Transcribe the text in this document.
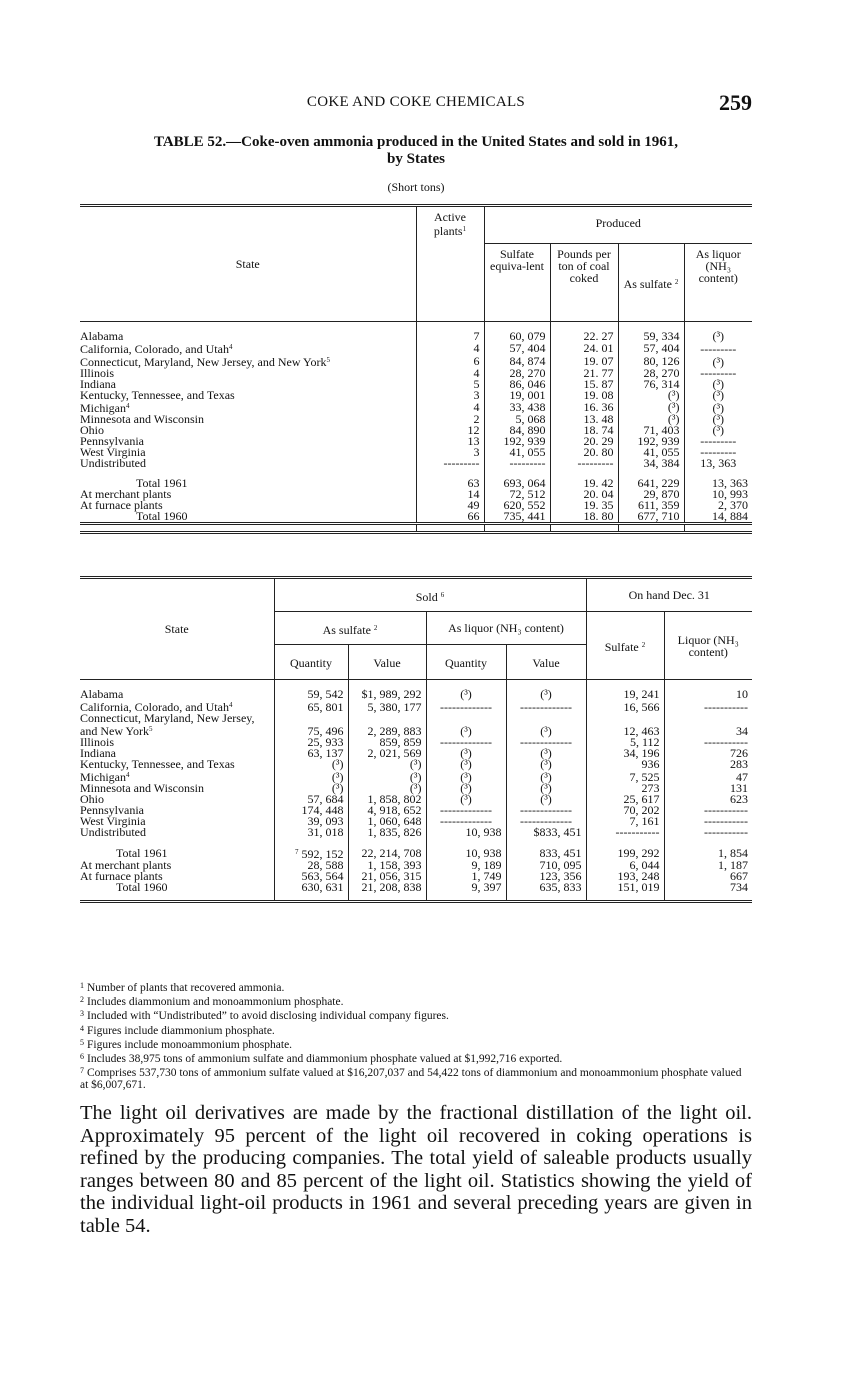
COKE AND COKE CHEMICALS	259
TABLE 52.—Coke-oven ammonia produced in the United States and sold in 1961,
by States
(Short tons)
State	Active plants$^1$	Produced			
		Sulfate equiva-lent	Pounds per ton of coal coked	As sulfate $^2$	As liquor (NH₃ content)

Alabama	7	60, 079	22. 27	59, 334	(³)
California, Colorado, and Utah$^4$	4	57, 404	24. 01	57, 404	---------
Connecticut, Maryland, New Jersey, and New York$^5$	6	84, 874	19. 07	80, 126	(³)
Illinois	4	28, 270	21. 77	28, 270	---------
Indiana	5	86, 046	15. 87	76, 314	(³)
Kentucky, Tennessee, and Texas	3	19, 001	19. 08	(³)	(³)
Michigan$^4$	4	33, 438	16. 36	(³)	(³)
Minnesota and Wisconsin	2	5, 068	13. 48	(³)	(³)
Ohio	12	84, 890	18. 74	71, 403	(³)
Pennsylvania	13	192, 939	20. 29	192, 939	---------
West Virginia	3	41, 055	20. 80	41, 055	---------
Undistributed	---------	---------	---------	34, 384	13, 363

Total 1961	63	693, 064	19. 42	641, 229	13, 363
At merchant plants	14	72, 512	20. 04	29, 870	10, 993
At furnace plants	49	620, 552	19. 35	611, 359	2, 370
Total 1960	66	735, 441	18. 80	677, 710	14, 884

State	Sold $^6$				On hand Dec. 31	
	As sulfate $^2$		As liquor (NH₃ content)		Sulfate $^2$	Liquor (NH₃ content)
	Quantity	Value	Quantity	Value		

Alabama	59, 542	$1, 989, 292	(³)	(³)	19, 241	10
California, Colorado, and Utah$^4$	65, 801	5, 380, 177	-------------	-------------	16, 566	-----------
Connecticut, Maryland, New Jersey, and New York$^5$	75, 496	2, 289, 883	(³)	(³)	12, 463	34
Illinois	25, 933	859, 859	-------------	-------------	5, 112	-----------
Indiana	63, 137	2, 021, 569	(³)	(³)	34, 196	726
Kentucky, Tennessee, and Texas	(³)	(³)	(³)	(³)	936	283
Michigan$^4$	(³)	(³)	(³)	(³)	7, 525	47
Minnesota and Wisconsin	(³)	(³)	(³)	(³)	273	131
Ohio	57, 684	1, 858, 802	(³)	(³)	25, 617	623
Pennsylvania	174, 448	4, 918, 652	-------------	-------------	70, 202	-----------
West Virginia	39, 093	1, 060, 648	-------------	-------------	7, 161	-----------
Undistributed	31, 018	1, 835, 826	10, 938	$833, 451	-----------	-----------

Total 1961	$^7$ 592, 152	22, 214, 708	10, 938	833, 451	199, 292	1, 854
At merchant plants	28, 588	1, 158, 393	9, 189	710, 095	6, 044	1, 187
At furnace plants	563, 564	21, 056, 315	1, 749	123, 356	193, 248	667
Total 1960	630, 631	21, 208, 838	9, 397	635, 833	151, 019	734

$^1$ Number of plants that recovered ammonia.
$^2$ Includes diammonium and monoammonium phosphate.
$^3$ Included with “Undistributed” to avoid disclosing individual company figures.
$^4$ Figures include diammonium phosphate.
$^5$ Figures include monoammonium phosphate.
$^6$ Includes 38,975 tons of ammonium sulfate and diammonium phosphate valued at $1,992,716 exported.
$^7$ Comprises 537,730 tons of ammonium sulfate valued at $16,207,037 and 54,422 tons of diammonium and monoammonium phosphate valued at $6,007,671.
The light oil derivatives are made by the fractional distillation of the light oil. Approximately 95 percent of the light oil recovered in coking operations is refined by the producing companies. The total yield of saleable products usually ranges between 80 and 85 percent of the light oil. Statistics showing the yield of the individual light-oil products in 1961 and several preceding years are given in table 54.
